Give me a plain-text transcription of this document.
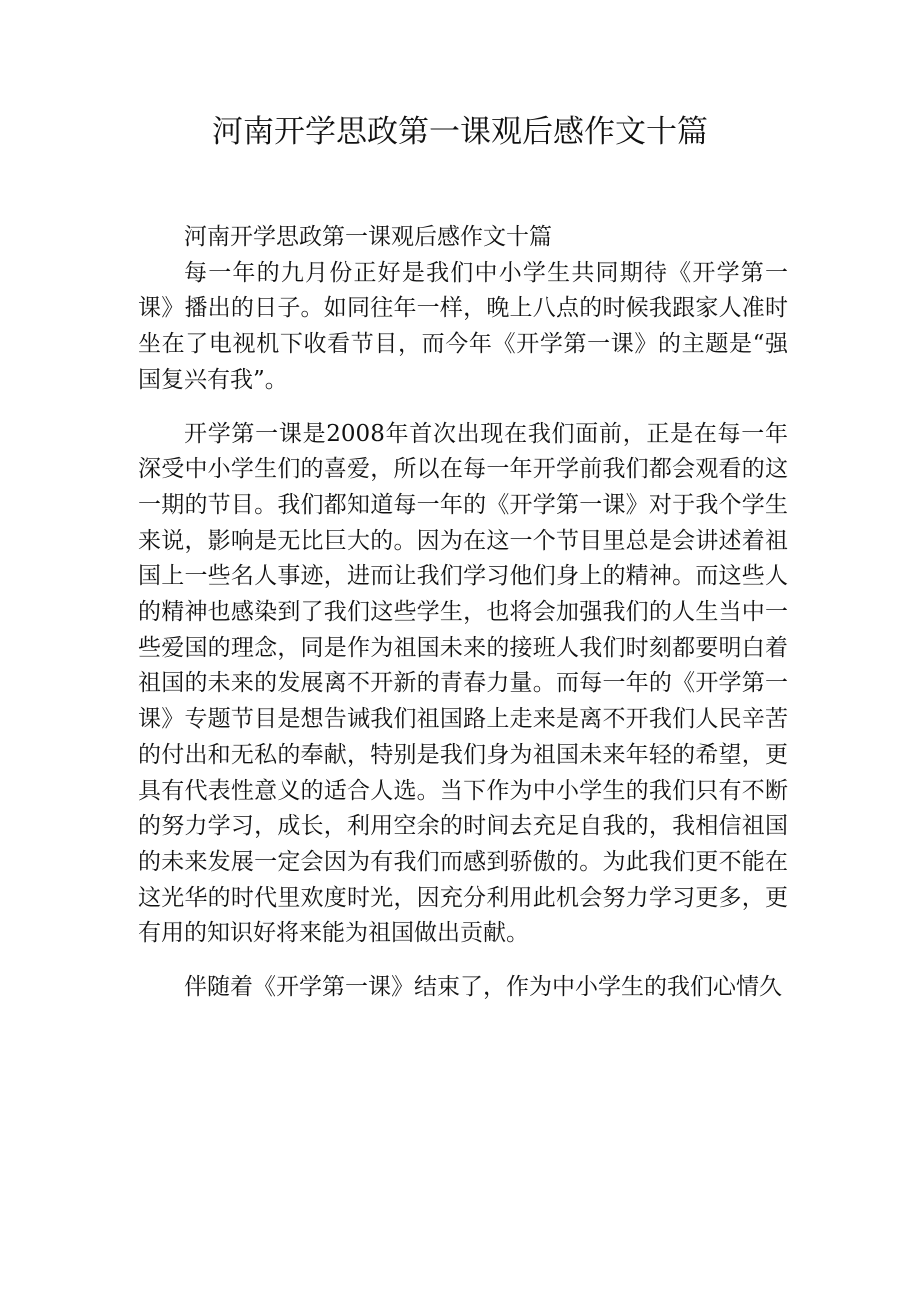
河南开学思政第一课观后感作文十篇

河南开学思政第一课观后感作文十篇

每一年的九月份正好是我们中小学生共同期待《开学第一课》播出的日子。如同往年一样，晚上八点的时候我跟家人准时坐在了电视机下收看节目，而今年《开学第一课》的主题是“强国复兴有我”。

开学第一课是2008年首次出现在我们面前，正是在每一年深受中小学生们的喜爱，所以在每一年开学前我们都会观看的这一期的节目。我们都知道每一年的《开学第一课》对于我个学生来说，影响是无比巨大的。因为在这一个节目里总是会讲述着祖国上一些名人事迹，进而让我们学习他们身上的精神。而这些人的精神也感染到了我们这些学生，也将会加强我们的人生当中一些爱国的理念，同是作为祖国未来的接班人我们时刻都要明白着祖国的未来的发展离不开新的青春力量。而每一年的《开学第一课》专题节目是想告诫我们祖国路上走来是离不开我们人民辛苦的付出和无私的奉献，特别是我们身为祖国未来年轻的希望，更具有代表性意义的适合人选。当下作为中小学生的我们只有不断的努力学习，成长，利用空余的时间去充足自我的，我相信祖国的未来发展一定会因为有我们而感到骄傲的。为此我们更不能在这光华的时代里欢度时光，因充分利用此机会努力学习更多，更有用的知识好将来能为祖国做出贡献。

伴随着《开学第一课》结束了，作为中小学生的我们心情久
